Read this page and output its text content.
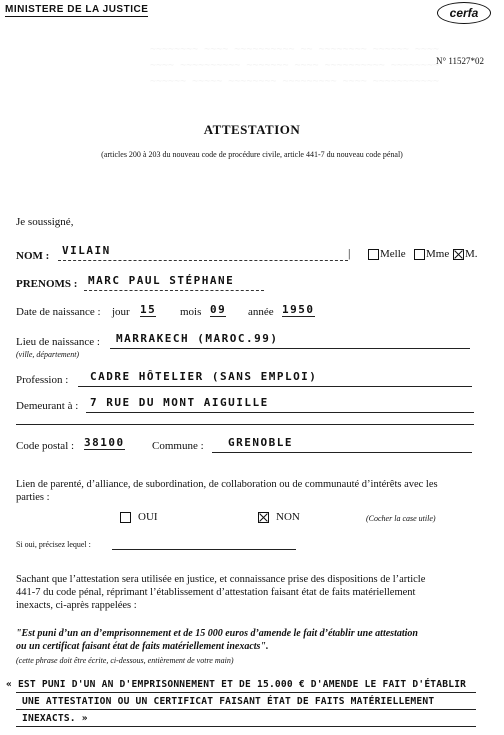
~~~~~~~~ ~~~~ ~~~~~~~~~~ ~~ ~~~~~~~~ ~~~~~~ ~~~~
~~~~ ~~~~~~~~~~ ~~~~~~~ ~~~~ ~~~~~~~~~~ ~~~~~~~~
~~~~~~ ~~~~~ ~~~~~~~~ ~~~~~~~~~ ~~~~ ~~~~~~~~~~~
MINISTERE DE LA JUSTICE	cerfa
N° 11527*02
ATTESTATION
(articles 200 à 203 du nouveau code de procédure civile, article 441-7 du nouveau code pénal)
Je soussigné,
NOM : VILAIN	|	Melle Mme M.
PRENOMS : MARC PAUL STÉPHANE
Date de naissance : jour 15 mois 09 année 1950
Lieu de naissance :
(ville, département)
MARRAKECH (MAROC.99)
Profession : CADRE HÔTELIER (SANS EMPLOI)
Demeurant à : 7 RUE DU MONT AIGUILLE
Code postal : 38100 Commune : GRENOBLE
Lien de parenté, d’alliance, de subordination, de collaboration ou de communauté d’intérêts avec les
parties :
OUI	NON	(Cocher la case utile)
Si oui, précisez lequel :
Sachant que l’attestation sera utilisée en justice, et connaissance prise des dispositions de l’article
441-7 du code pénal, réprimant l’établissement d’attestation faisant état de faits matériellement
inexacts, ci-après rappelées :
"Est puni d’un an d’emprisonnement et de 15 000 euros d’amende le fait d’établir une attestation
ou un certificat faisant état de faits matériellement inexacts".
(cette phrase doit être écrite, ci-dessous, entièrement de votre main)
« EST PUNI D'UN AN D'EMPRISONNEMENT ET DE 15.000 € D'AMENDE LE FAIT D'ÉTABLIR
UNE ATTESTATION OU UN CERTIFICAT FAISANT ÉTAT DE FAITS MATÉRIELLEMENT
INEXACTS. »
